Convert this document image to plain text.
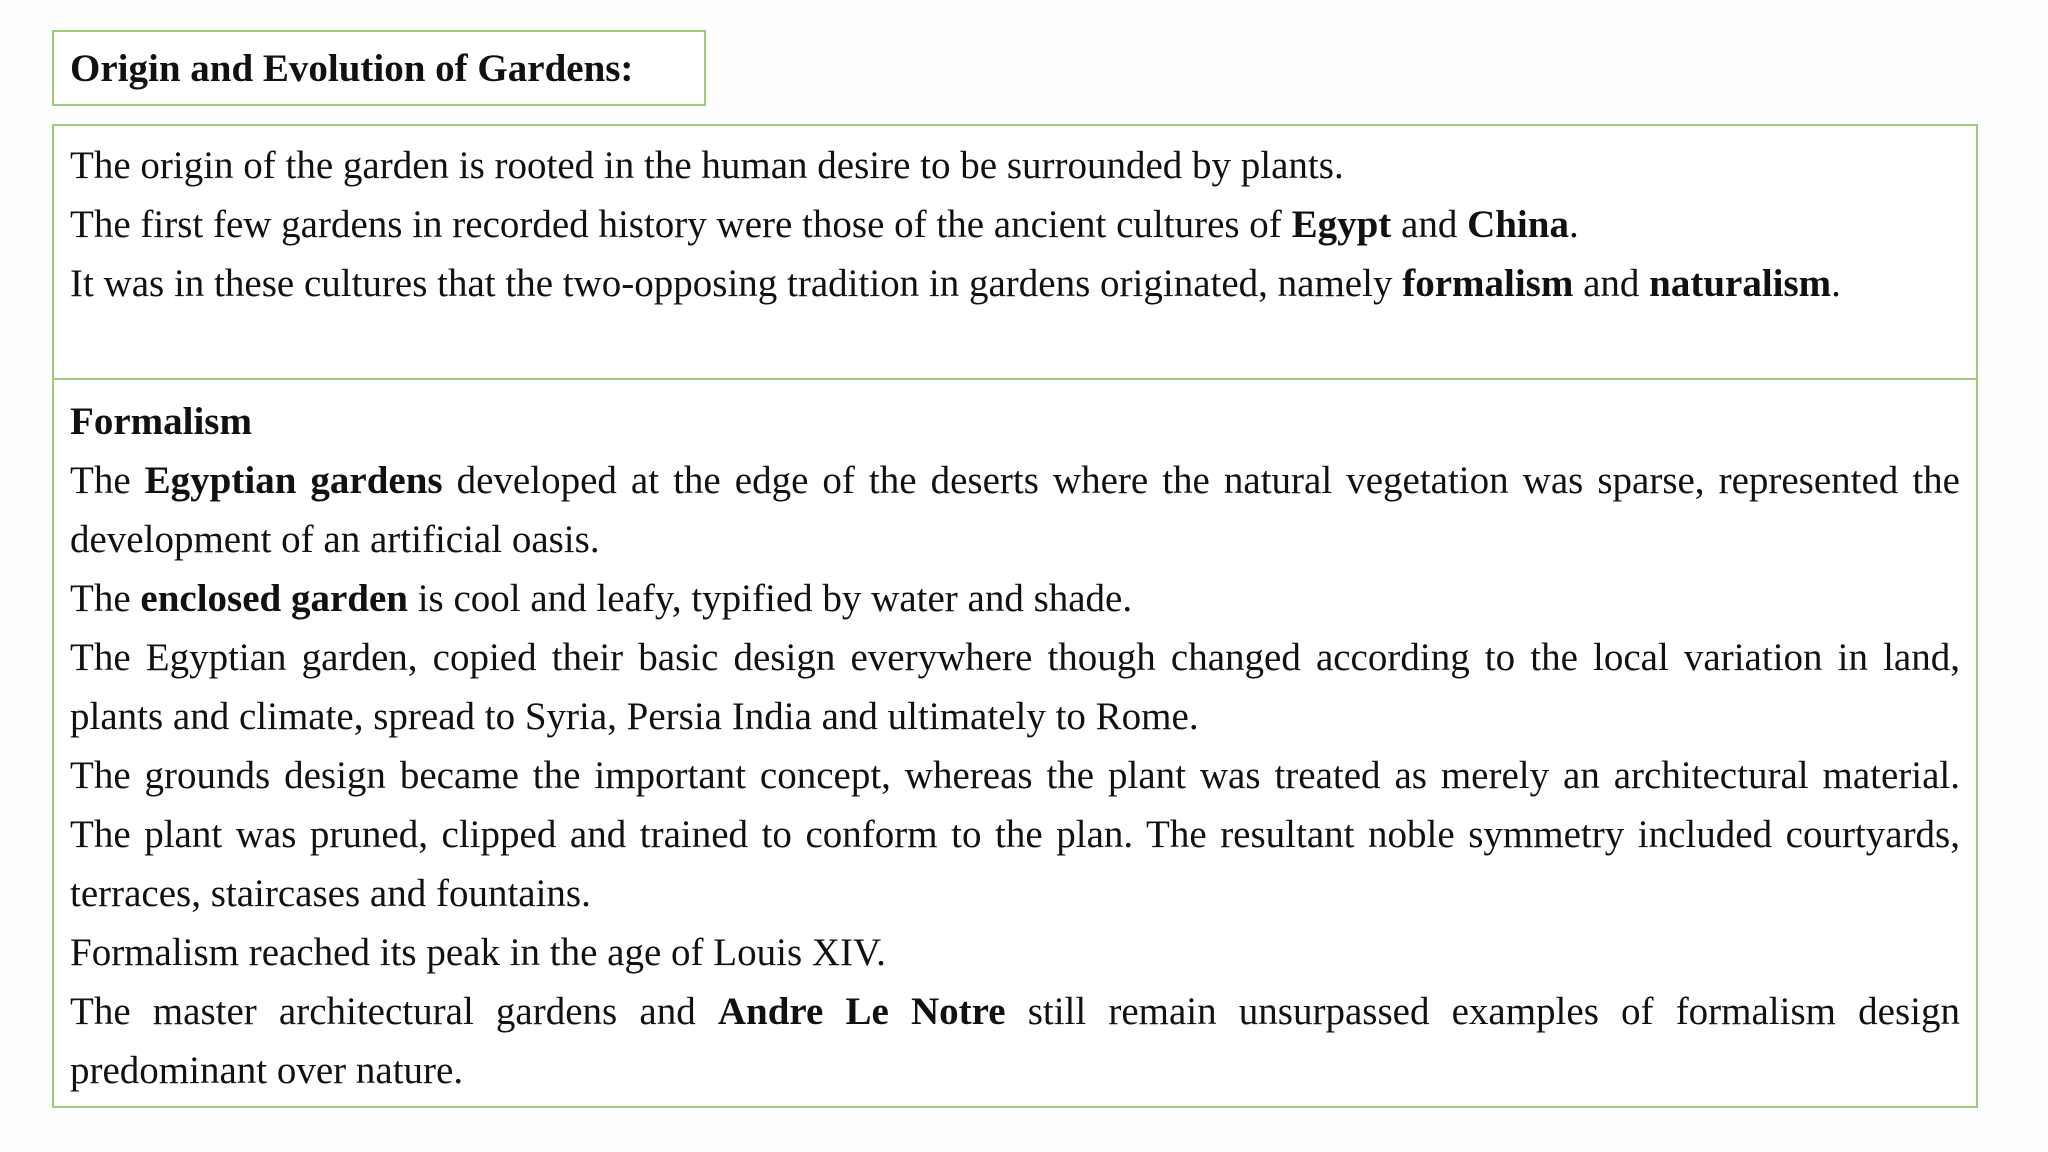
Origin and Evolution of Gardens:

The origin of the garden is rooted in the human desire to be surrounded by plants.

The first few gardens in recorded history were those of the ancient cultures of Egypt and China.

It was in these cultures that the two-opposing tradition in gardens originated, namely formalism and naturalism.

Formalism

The Egyptian gardens developed at the edge of the deserts where the natural vegetation was sparse, represented the development of an artificial oasis.

The enclosed garden is cool and leafy, typified by water and shade.

The Egyptian garden, copied their basic design everywhere though changed according to the local variation in land, plants and climate, spread to Syria, Persia India and ultimately to Rome.

The grounds design became the important concept, whereas the plant was treated as merely an architectural material. The plant was pruned, clipped and trained to conform to the plan. The resultant noble symmetry included courtyards, terraces, staircases and fountains.

Formalism reached its peak in the age of Louis XIV.

The master architectural gardens and Andre Le Notre still remain unsurpassed examples of formalism design predominant over nature.
